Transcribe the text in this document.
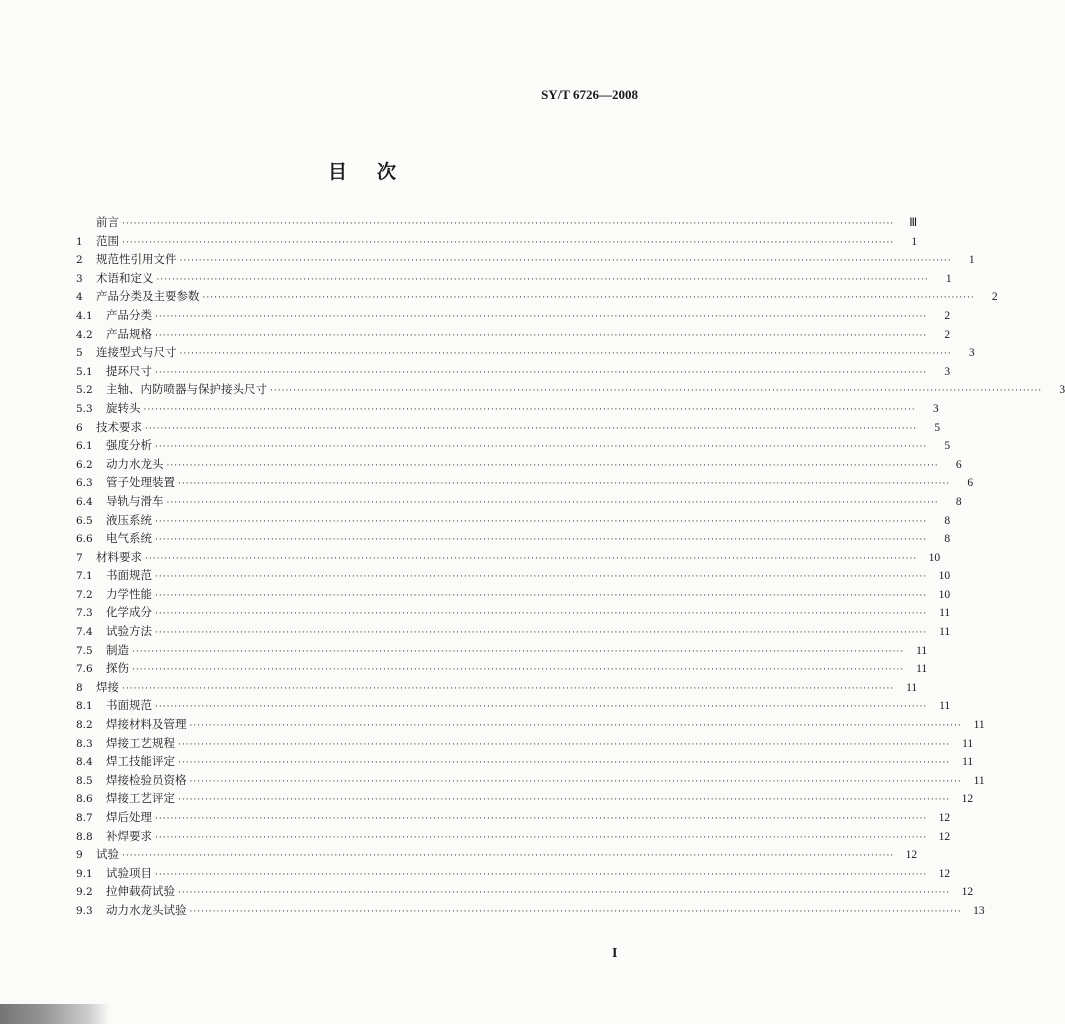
SY/T 6726—2008
目次
前言 ········································································································································································································	Ⅲ
1	范围 ········································································································································································································	1
2	规范性引用文件 ········································································································································································································	1
3	术语和定义 ········································································································································································································	1
4	产品分类及主要参数 ········································································································································································································	2
4.1	产品分类 ········································································································································································································	2
4.2	产品规格 ········································································································································································································	2
5	连接型式与尺寸 ········································································································································································································	3
5.1	提环尺寸 ········································································································································································································	3
5.2	主轴、内防喷器与保护接头尺寸 ········································································································································································································	3
5.3	旋转头 ········································································································································································································	3
6	技术要求 ········································································································································································································	5
6.1	强度分析 ········································································································································································································	5
6.2	动力水龙头 ········································································································································································································	6
6.3	管子处理装置 ········································································································································································································	6
6.4	导轨与滑车 ········································································································································································································	8
6.5	液压系统 ········································································································································································································	8
6.6	电气系统 ········································································································································································································	8
7	材料要求 ········································································································································································································	10
7.1	书面规范 ········································································································································································································	10
7.2	力学性能 ········································································································································································································	10
7.3	化学成分 ········································································································································································································	11
7.4	试验方法 ········································································································································································································	11
7.5	制造 ········································································································································································································	11
7.6	探伤 ········································································································································································································	11
8	焊接 ········································································································································································································	11
8.1	书面规范 ········································································································································································································	11
8.2	焊接材料及管理 ········································································································································································································	11
8.3	焊接工艺规程 ········································································································································································································	11
8.4	焊工技能评定 ········································································································································································································	11
8.5	焊接检验员资格 ········································································································································································································	11
8.6	焊接工艺评定 ········································································································································································································	12
8.7	焊后处理 ········································································································································································································	12
8.8	补焊要求 ········································································································································································································	12
9	试验 ········································································································································································································	12
9.1	试验项目 ········································································································································································································	12
9.2	拉伸载荷试验 ········································································································································································································	12
9.3	动力水龙头试验 ········································································································································································································	13
I
